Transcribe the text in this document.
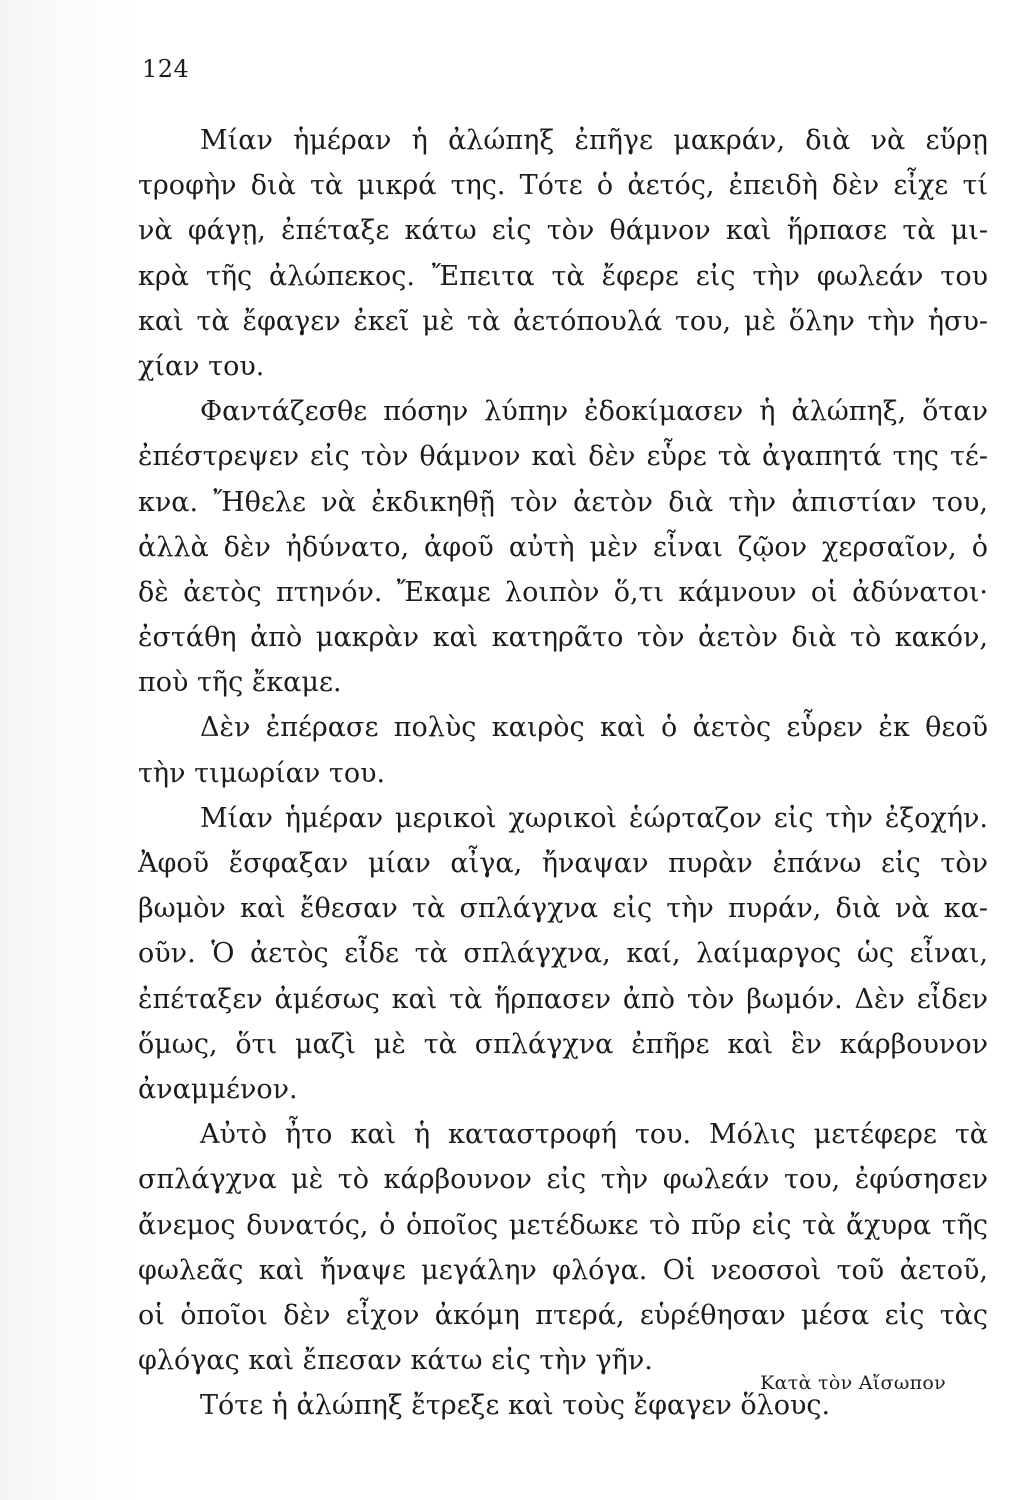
124
Μίαν ἡμέραν ἡ ἀλώπηξ ἐπῆγε μακράν, διὰ νὰ εὕρῃ
τροφὴν διὰ τὰ μικρά της. Τότε ὁ ἀετός, ἐπειδὴ δὲν εἶχε τί
νὰ φάγῃ, ἐπέταξε κάτω εἰς τὸν θάμνον καὶ ἥρπασε τὰ μι-
κρὰ τῆς ἀλώπεκος. Ἔπειτα τὰ ἔφερε εἰς τὴν φωλεάν του
καὶ τὰ ἔφαγεν ἐκεῖ μὲ τὰ ἀετόπουλά του, μὲ ὅλην τὴν ἡσυ-
χίαν του.
Φαντάζεσθε πόσην λύπην ἐδοκίμασεν ἡ ἀλώπηξ, ὅταν
ἐπέστρεψεν εἰς τὸν θάμνον καὶ δὲν εὗρε τὰ ἀγαπητά της τέ-
κνα. Ἤθελε νὰ ἐκδικηθῇ τὸν ἀετὸν διὰ τὴν ἀπιστίαν του,
ἀλλὰ δὲν ἠδύνατο, ἀφοῦ αὐτὴ μὲν εἶναι ζῷον χερσαῖον, ὁ
δὲ ἀετὸς πτηνόν. Ἔκαμε λοιπὸν ὅ,τι κάμνουν οἱ ἀδύνατοι·
ἐστάθη ἀπὸ μακρὰν καὶ κατηρᾶτο τὸν ἀετὸν διὰ τὸ κακόν,
ποὺ τῆς ἔκαμε.
Δὲν ἐπέρασε πολὺς καιρὸς καὶ ὁ ἀετὸς εὗρεν ἐκ θεοῦ
τὴν τιμωρίαν του.
Μίαν ἡμέραν μερικοὶ χωρικοὶ ἑώρταζον εἰς τὴν ἐξοχήν.
Ἀφοῦ ἔσφαξαν μίαν αἶγα, ἤναψαν πυρὰν ἐπάνω εἰς τὸν
βωμὸν καὶ ἔθεσαν τὰ σπλάγχνα εἰς τὴν πυράν, διὰ νὰ κα-
οῦν. Ὁ ἀετὸς εἶδε τὰ σπλάγχνα, καί, λαίμαργος ὡς εἶναι,
ἐπέταξεν ἀμέσως καὶ τὰ ἥρπασεν ἀπὸ τὸν βωμόν. Δὲν εἶδεν
ὅμως, ὅτι μαζὶ μὲ τὰ σπλάγχνα ἐπῆρε καὶ ἓν κάρβουνον
ἀναμμένον.
Αὐτὸ ἦτο καὶ ἡ καταστροφή του. Μόλις μετέφερε τὰ
σπλάγχνα μὲ τὸ κάρβουνον εἰς τὴν φωλεάν του, ἐφύσησεν
ἄνεμος δυνατός, ὁ ὁποῖος μετέδωκε τὸ πῦρ εἰς τὰ ἄχυρα τῆς
φωλεᾶς καὶ ἤναψε μεγάλην φλόγα. Οἱ νεοσσοὶ τοῦ ἀετοῦ,
οἱ ὁποῖοι δὲν εἶχον ἀκόμη πτερά, εὑρέθησαν μέσα εἰς τὰς
φλόγας καὶ ἔπεσαν κάτω εἰς τὴν γῆν.
Τότε ἡ ἀλώπηξ ἔτρεξε καὶ τοὺς ἔφαγεν ὅλους.
Κατὰ τὸν Αἴσωπον
